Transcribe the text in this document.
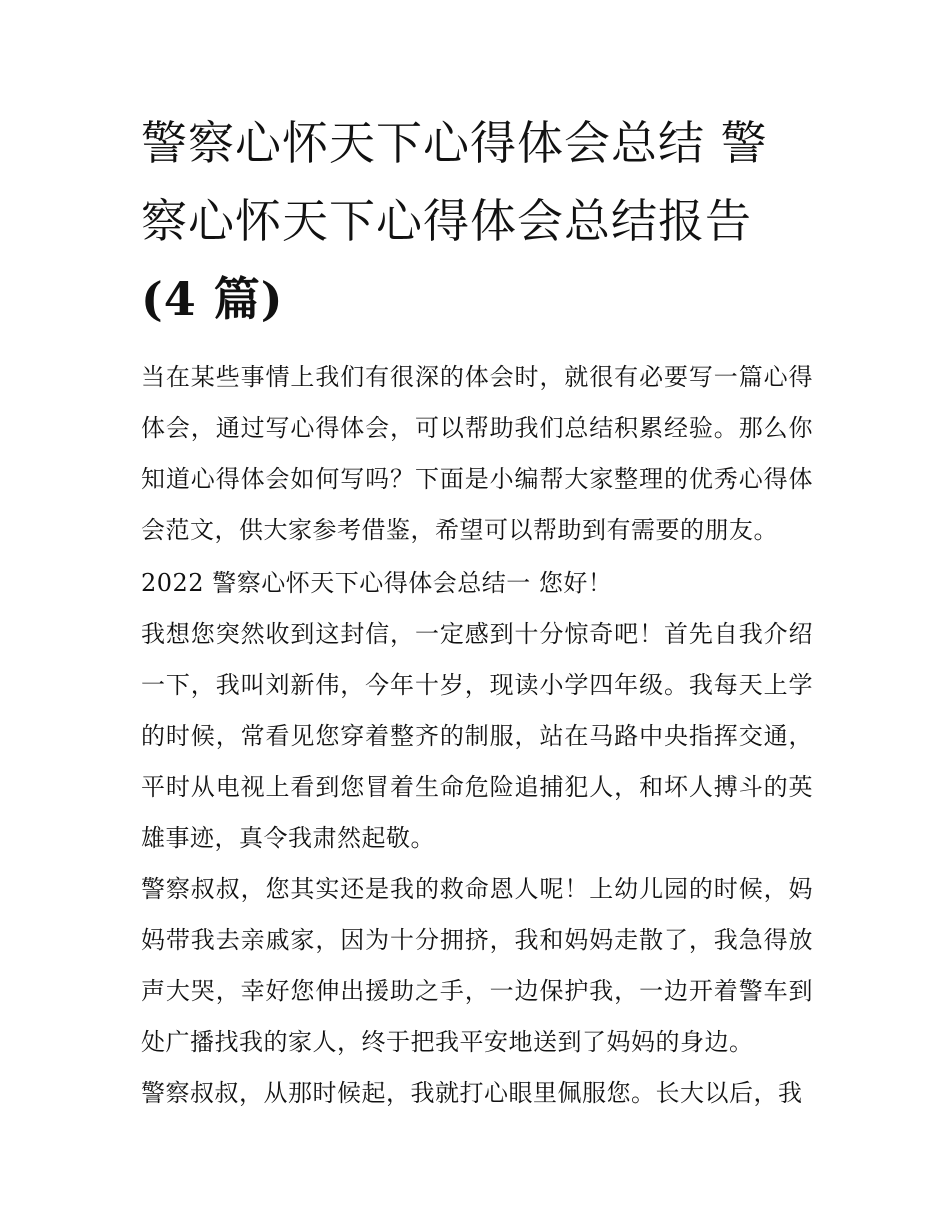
警察心怀天下心得体会总结 警察心怀天下心得体会总结报告
(4 篇)

当在某些事情上我们有很深的体会时，就很有必要写一篇心得体会，通过写心得体会，可以帮助我们总结积累经验。那么你知道心得体会如何写吗？下面是小编帮大家整理的优秀心得体会范文，供大家参考借鉴，希望可以帮助到有需要的朋友。

2022 警察心怀天下心得体会总结一 您好！

我想您突然收到这封信，一定感到十分惊奇吧！首先自我介绍一下，我叫刘新伟，今年十岁，现读小学四年级。我每天上学的时候，常看见您穿着整齐的制服，站在马路中央指挥交通，平时从电视上看到您冒着生命危险追捕犯人，和坏人搏斗的英雄事迹，真令我肃然起敬。

警察叔叔，您其实还是我的救命恩人呢！上幼儿园的时候，妈妈带我去亲戚家，因为十分拥挤，我和妈妈走散了，我急得放声大哭，幸好您伸出援助之手，一边保护我，一边开着警车到处广播找我的家人，终于把我平安地送到了妈妈的身边。

警察叔叔，从那时候起，我就打心眼里佩服您。长大以后，我
